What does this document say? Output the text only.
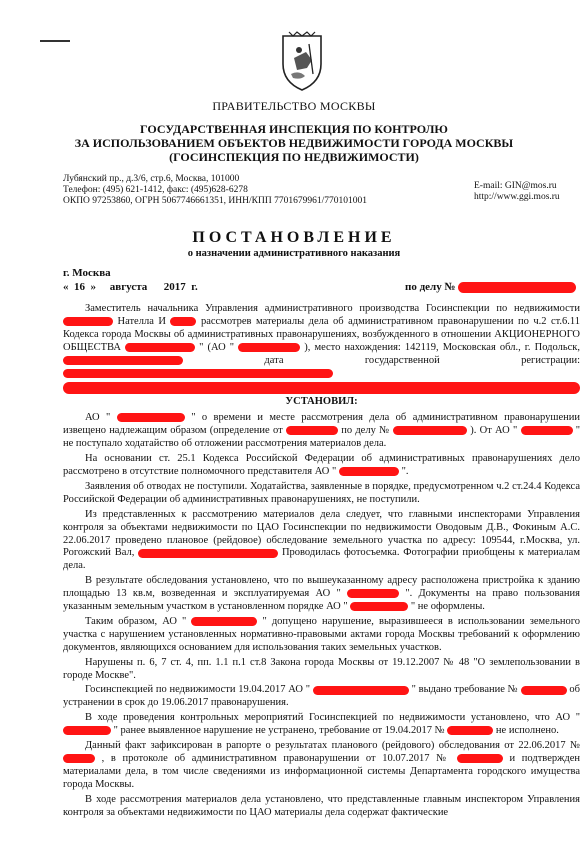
ПРАВИТЕЛЬСТВО МОСКВЫ
ГОСУДАРСТВЕННАЯ ИНСПЕКЦИЯ ПО КОНТРОЛЮ
ЗА ИСПОЛЬЗОВАНИЕМ ОБЪЕКТОВ НЕДВИЖИМОСТИ ГОРОДА МОСКВЫ
(ГОСИНСПЕКЦИЯ ПО НЕДВИЖИМОСТИ)
Лубянский пр., д.3/6, стр.6, Москва, 101000
Телефон: (495) 621-1412, факс: (495)628-6278
ОКПО 97253860, ОГРН 5067746661351, ИНН/КПП 7701679961/770101001
E-mail: GIN@mos.ru
http://www.ggi.mos.ru
ПОСТАНОВЛЕНИЕ
о назначении административного наказания
г. Москва
«  16  »     августа      2017  г.	по делу №

Заместитель начальника Управления административного производства Госинспекции по недвижимости  Нателла И	рассмотрев материалы дела об административном правонарушении по ч.2 ст.6.11 Кодекса города Москвы об административных правонарушениях, возбужденного в отношении АКЦИОНЕРНОГО ОБЩЕСТВА	" (АО "	), место нахождения: 142119, Московская обл., г. Подольск,  дата государственной регистрации:

УСТАНОВИЛ:

АО "	" о времени и месте рассмотрения дела об административном правонарушении извещено надлежащим образом (определение от	по делу №	). От АО "	" не поступало ходатайство об отложении рассмотрения материалов дела.

На основании ст. 25.1 Кодекса Российской Федерации об административных правонарушениях дело рассмотрено в отсутствие полномочного представителя АО "	".

Заявления об отводах не поступили. Ходатайства, заявленные в порядке, предусмотренном ч.2 ст.24.4 Кодекса Российской Федерации об административных правонарушениях, не поступили.

Из представленных к рассмотрению материалов дела следует, что главными инспекторами Управления контроля за объектами недвижимости по ЦАО Госинспекции по недвижимости Оводовым Д.В., Фокиным А.С. 22.06.2017 проведено плановое (рейдовое) обследование земельного участка по адресу: 109544, г.Москва, ул. Рогожский Вал,	Проводилась фотосъемка. Фотографии приобщены к материалам дела.

В результате обследования установлено, что по вышеуказанному адресу расположена пристройка к зданию площадью 13 кв.м, возведенная и эксплуатируемая АО "	". Документы на право пользования указанным земельным участком в установленном порядке АО "	" не оформлены.

Таким образом, АО "	" допущено нарушение, выразившееся в использовании земельного участка с нарушением установленных нормативно-правовыми актами города Москвы требований к оформлению документов, являющихся основанием для использования таких земельных участков.

Нарушены п. 6, 7 ст. 4, пп. 1.1 п.1 ст.8 Закона города Москвы от 19.12.2007 № 48 "О землепользовании в городе Москве".

Госинспекцией по недвижимости 19.04.2017 АО "	" выдано требование №	об устранении в срок до 19.06.2017 правонарушения.

В ходе проведения контрольных мероприятий Госинспекцией по недвижимости установлено, что АО "  " ранее выявленное нарушение не устранено, требование от 19.04.2017 №	не исполнено.

Данный факт зафиксирован в рапорте о результатах планового (рейдового) обследования от 22.06.2017 №  , в протоколе об административном правонарушении от 10.07.2017 №	и подтвержден материалами дела, в том числе сведениями из информационной системы Департамента городского имущества города Москвы.

В ходе рассмотрения материалов дела установлено, что представленные главным инспектором Управления контроля за объектами недвижимости по ЦАО материалы дела содержат фактические
